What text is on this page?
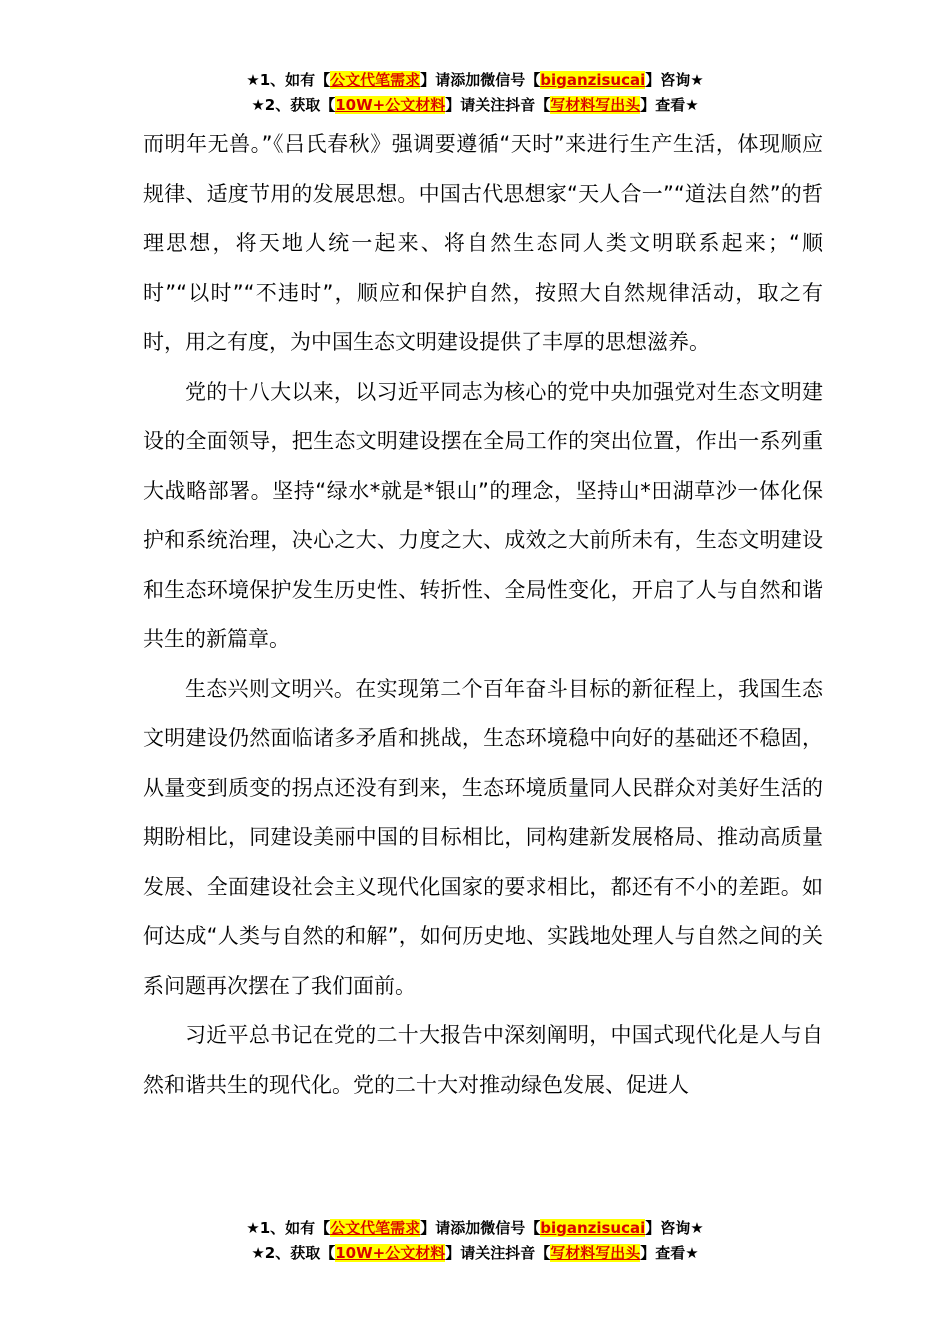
★1、如有【公文代笔需求】请添加微信号【biganzisucai】咨询★
★2、获取【10W+公文材料】请关注抖音【写材料写出头】查看★

而明年无兽。”《吕氏春秋》强调要遵循“天时”来进行生产生活，体现顺应规律、适度节用的发展思想。中国古代思想家“天人合一”“道法自然”的哲理思想，将天地人统一起来、将自然生态同人类文明联系起来；“顺时”“以时”“不违时”，顺应和保护自然，按照大自然规律活动，取之有时，用之有度，为中国生态文明建设提供了丰厚的思想滋养。

党的十八大以来，以习近平同志为核心的党中央加强党对生态文明建设的全面领导，把生态文明建设摆在全局工作的突出位置，作出一系列重大战略部署。坚持“绿水*就是*银山”的理念，坚持山*田湖草沙一体化保护和系统治理，决心之大、力度之大、成效之大前所未有，生态文明建设和生态环境保护发生历史性、转折性、全局性变化，开启了人与自然和谐共生的新篇章。

生态兴则文明兴。在实现第二个百年奋斗目标的新征程上，我国生态文明建设仍然面临诸多矛盾和挑战，生态环境稳中向好的基础还不稳固，从量变到质变的拐点还没有到来，生态环境质量同人民群众对美好生活的期盼相比，同建设美丽中国的目标相比，同构建新发展格局、推动高质量发展、全面建设社会主义现代化国家的要求相比，都还有不小的差距。如何达成“人类与自然的和解”，如何历史地、实践地处理人与自然之间的关系问题再次摆在了我们面前。

习近平总书记在党的二十大报告中深刻阐明，中国式现代化是人与自然和谐共生的现代化。党的二十大对推动绿色发展、促进人

★1、如有【公文代笔需求】请添加微信号【biganzisucai】咨询★
★2、获取【10W+公文材料】请关注抖音【写材料写出头】查看★
